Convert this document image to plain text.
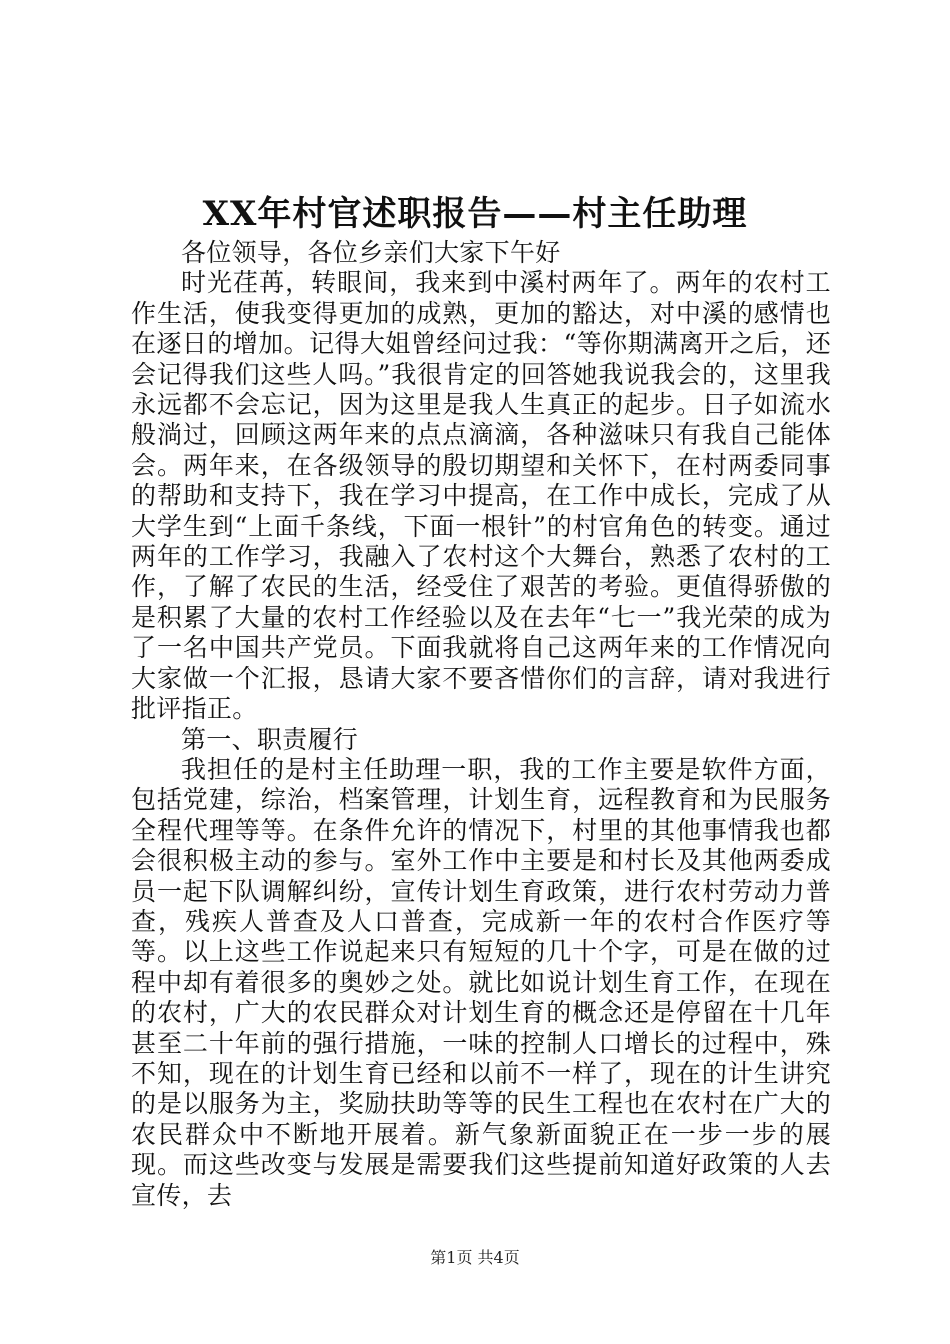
XX年村官述职报告——村主任助理

各位领导，各位乡亲们大家下午好

时光荏苒，转眼间，我来到中溪村两年了。两年的农村工作生活，使我变得更加的成熟，更加的豁达，对中溪的感情也在逐日的增加。记得大姐曾经问过我：“等你期满离开之后，还会记得我们这些人吗。”我很肯定的回答她我说我会的，这里我永远都不会忘记，因为这里是我人生真正的起步。日子如流水般淌过，回顾这两年来的点点滴滴，各种滋味只有我自己能体会。两年来，在各级领导的殷切期望和关怀下，在村两委同事的帮助和支持下，我在学习中提高，在工作中成长，完成了从大学生到“上面千条线，下面一根针”的村官角色的转变。通过两年的工作学习，我融入了农村这个大舞台，熟悉了农村的工作，了解了农民的生活，经受住了艰苦的考验。更值得骄傲的是积累了大量的农村工作经验以及在去年“七一”我光荣的成为了一名中国共产党员。下面我就将自己这两年来的工作情况向大家做一个汇报，恳请大家不要吝惜你们的言辞，请对我进行批评指正。

第一、职责履行

我担任的是村主任助理一职，我的工作主要是软件方面，包括党建，综治，档案管理，计划生育，远程教育和为民服务全程代理等等。在条件允许的情况下，村里的其他事情我也都会很积极主动的参与。室外工作中主要是和村长及其他两委成员一起下队调解纠纷，宣传计划生育政策，进行农村劳动力普查，残疾人普查及人口普查，完成新一年的农村合作医疗等等。以上这些工作说起来只有短短的几十个字，可是在做的过程中却有着很多的奥妙之处。就比如说计划生育工作，在现在的农村，广大的农民群众对计划生育的概念还是停留在十几年甚至二十年前的强行措施，一味的控制人口增长的过程中，殊不知，现在的计划生育已经和以前不一样了，现在的计生讲究的是以服务为主，奖励扶助等等的民生工程也在农村在广大的农民群众中不断地开展着。新气象新面貌正在一步一步的展现。而这些改变与发展是需要我们这些提前知道好政策的人去宣传，去

第1页 共4页
